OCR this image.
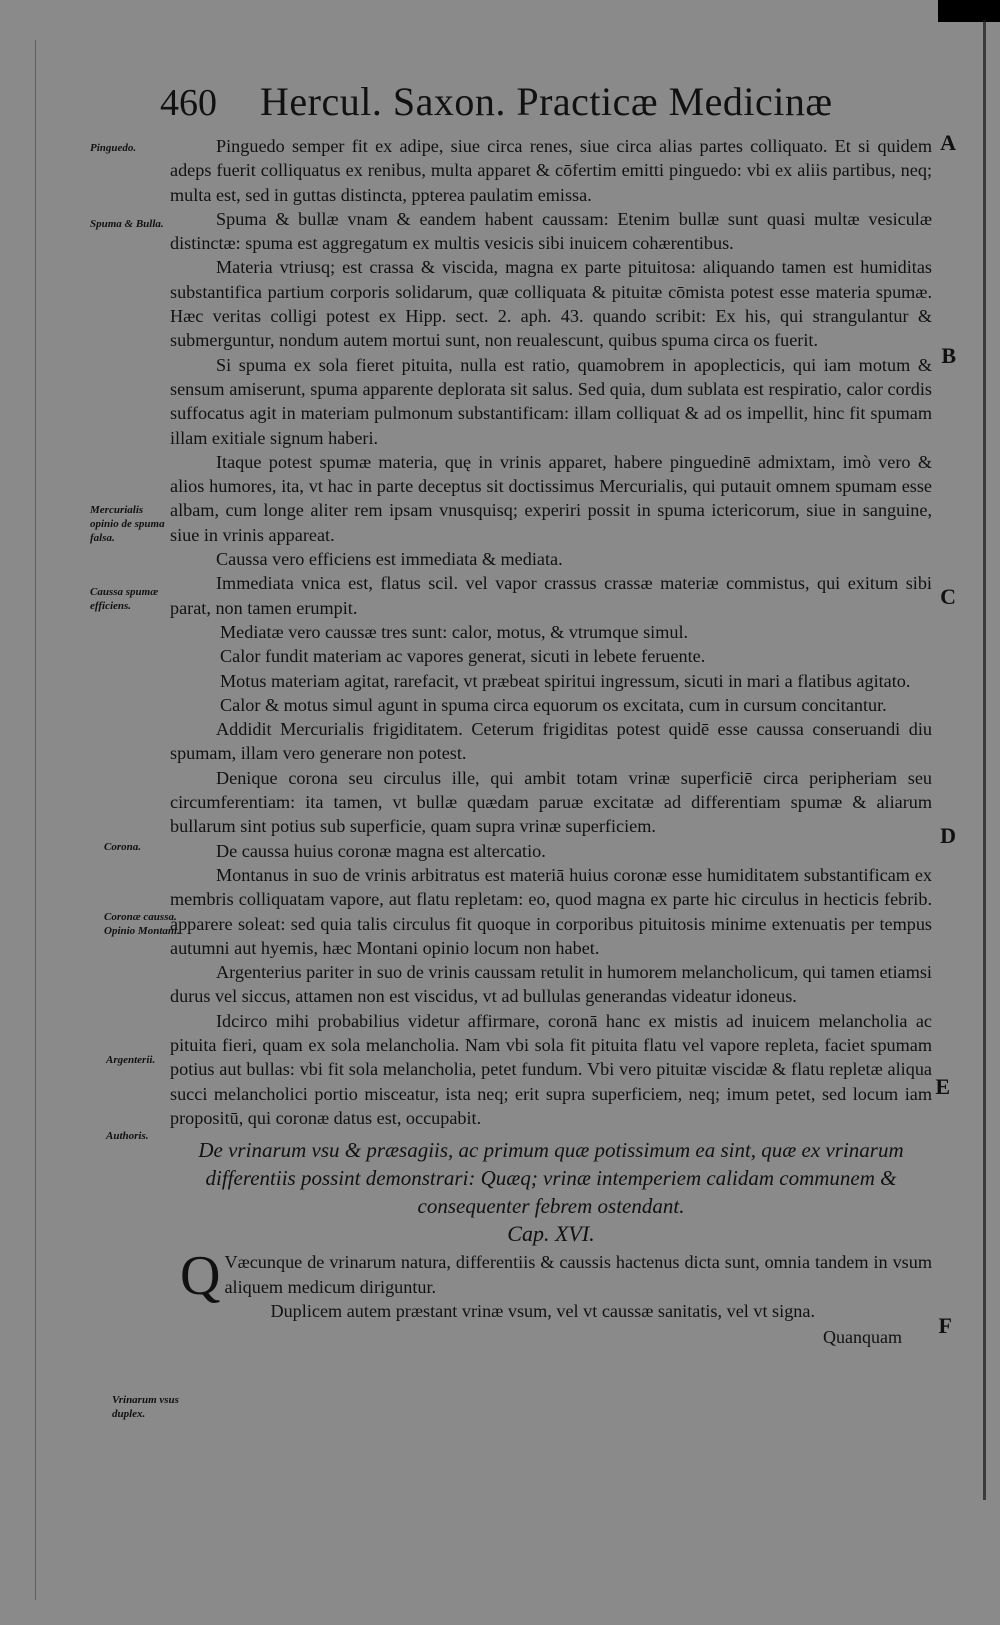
460	Hercul. Saxon. Practicæ Medicinæ
Pinguedo.
Spuma & Bulla.
Mercurialis opinio de spuma falsa.
Caussa spumæ efficiens.
Corona.
Coronæ caussa. Opinio Montani.
Argenterii.
Authoris.
Vrinarum vsus duplex.
A
B
C
D
E
F

Pinguedo semper fit ex adipe, siue circa renes, siue circa alias partes colliquato. Et si quidem adeps fuerit colliquatus ex renibus, multa apparet & cōfertim emitti pinguedo: vbi ex aliis partibus, neq; multa est, sed in guttas distincta, ppterea paulatim emissa.

Spuma & bullæ vnam & eandem habent caussam: Etenim bullæ sunt quasi multæ vesiculæ distinctæ: spuma est aggregatum ex multis vesicis sibi inuicem cohærentibus.

Materia vtriusq; est crassa & viscida, magna ex parte pituitosa: aliquando tamen est humiditas substantifica partium corporis solidarum, quæ colliquata & pituitæ cōmista potest esse materia spumæ. Hæc veritas colligi potest ex Hipp. sect. 2. aph. 43. quando scribit: Ex his, qui strangulantur & submerguntur, nondum autem mortui sunt, non reualescunt, quibus spuma circa os fuerit.

Si spuma ex sola fieret pituita, nulla est ratio, quamobrem in apoplecticis, qui iam motum & sensum amiserunt, spuma apparente deplorata sit salus. Sed quia, dum sublata est respiratio, calor cordis suffocatus agit in materiam pulmonum substantificam: illam colliquat & ad os impellit, hinc fit spumam illam exitiale signum haberi.

Itaque potest spumæ materia, quę in vrinis apparet, habere pinguedinē admixtam, imò vero & alios humores, ita, vt hac in parte deceptus sit doctissimus Mercurialis, qui putauit omnem spumam esse albam, cum longe aliter rem ipsam vnusquisq; experiri possit in spuma ictericorum, siue in sanguine, siue in vrinis appareat.

Caussa vero efficiens est immediata & mediata.

Immediata vnica est, flatus scil. vel vapor crassus crassæ materiæ commistus, qui exitum sibi parat, non tamen erumpit.

Mediatæ vero caussæ tres sunt: calor, motus, & vtrumque simul.

Calor fundit materiam ac vapores generat, sicuti in lebete feruente.

Motus materiam agitat, rarefacit, vt præbeat spiritui ingressum, sicuti in mari a flatibus agitato.

Calor & motus simul agunt in spuma circa equorum os excitata, cum in cursum concitantur.

Addidit Mercurialis frigiditatem. Ceterum frigiditas potest quidē esse caussa conseruandi diu spumam, illam vero generare non potest.

Denique corona seu circulus ille, qui ambit totam vrinæ superficiē circa peripheriam seu circumferentiam: ita tamen, vt bullæ quædam paruæ excitatæ ad differentiam spumæ & aliarum bullarum sint potius sub superficie, quam supra vrinæ superficiem.

De caussa huius coronæ magna est altercatio.

Montanus in suo de vrinis arbitratus est materiā huius coronæ esse humiditatem substantificam ex membris colliquatam vapore, aut flatu repletam: eo, quod magna ex parte hic circulus in hecticis febrib. apparere soleat: sed quia talis circulus fit quoque in corporibus pituitosis minime extenuatis per tempus autumni aut hyemis, hæc Montani opinio locum non habet.

Argenterius pariter in suo de vrinis caussam retulit in humorem melancholicum, qui tamen etiamsi durus vel siccus, attamen non est viscidus, vt ad bullulas generandas videatur idoneus.

Idcirco mihi probabilius videtur affirmare, coronā hanc ex mistis ad inuicem melancholia ac pituita fieri, quam ex sola melancholia. Nam vbi sola fit pituita flatu vel vapore repleta, faciet spumam potius aut bullas: vbi fit sola melancholia, petet fundum. Vbi vero pituitæ viscidæ & flatu repletæ aliqua succi melancholici portio misceatur, ista neq; erit supra superficiem, neq; imum petet, sed locum iam propositū, qui coronæ datus est, occupabit.

De vrinarum vsu & præsagiis, ac primum quæ potissimum ea sint, quæ ex vrinarum differentiis possint demonstrari: Quæq; vrinæ intemperiem calidam communem & consequenter febrem ostendant.

Cap. XVI.

Q Væcunque de vrinarum natura, differentiis & caussis hactenus dicta sunt, omnia tandem in vsum aliquem medicum diriguntur.

Duplicem autem præstant vrinæ vsum, vel vt caussæ sanitatis, vel vt signa.

Quanquam
